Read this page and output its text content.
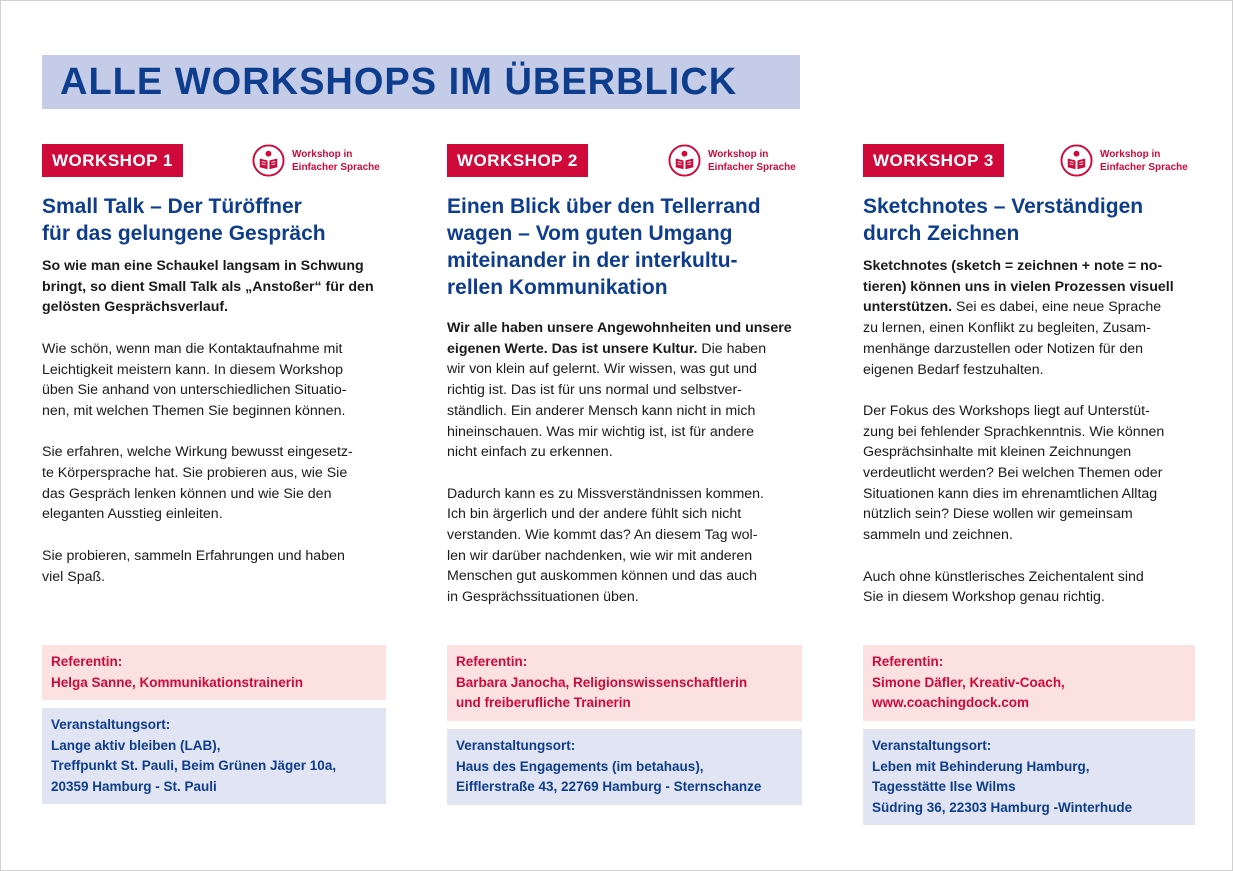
ALLE WORKSHOPS IM ÜBERBLICK
WORKSHOP 1	Workshop in
Einfacher Sprache
Small Talk – Der Türöffner
für das gelungene Gespräch

So wie man eine Schaukel langsam in Schwung
bringt, so dient Small Talk als „Anstoßer“ für den
gelösten Gesprächsverlauf.

Wie schön, wenn man die Kontaktaufnahme mit
Leichtigkeit meistern kann. In diesem Workshop
üben Sie anhand von unterschiedlichen Situatio-
nen, mit welchen Themen Sie beginnen können.

Sie erfahren, welche Wirkung bewusst eingesetz-
te Körpersprache hat. Sie probieren aus, wie Sie
das Gespräch lenken können und wie Sie den
eleganten Ausstieg einleiten.

Sie probieren, sammeln Erfahrungen und haben
viel Spaß.

Referentin:
Helga Sanne, Kommunikationstrainerin
Veranstaltungsort:
Lange aktiv bleiben (LAB),
Treffpunkt St. Pauli, Beim Grünen Jäger 10a,
20359 Hamburg - St. Pauli
WORKSHOP 2	Workshop in
Einfacher Sprache
Einen Blick über den Tellerrand
wagen – Vom guten Umgang
miteinander in der interkultu-
rellen Kommunikation

Wir alle haben unsere Angewohnheiten und unsere
eigenen Werte. Das ist unsere Kultur. Die haben
wir von klein auf gelernt. Wir wissen, was gut und
richtig ist. Das ist für uns normal und selbstver-
ständlich. Ein anderer Mensch kann nicht in mich
hineinschauen. Was mir wichtig ist, ist für andere
nicht einfach zu erkennen.

Dadurch kann es zu Missverständnissen kommen.
Ich bin ärgerlich und der andere fühlt sich nicht
verstanden. Wie kommt das? An diesem Tag wol-
len wir darüber nachdenken, wie wir mit anderen
Menschen gut auskommen können und das auch
in Gesprächssituationen üben.

Referentin:
Barbara Janocha, Religionswissenschaftlerin
und freiberufliche Trainerin
Veranstaltungsort:
Haus des Engagements (im betahaus),
Eifflerstraße 43, 22769 Hamburg - Sternschanze
WORKSHOP 3	Workshop in
Einfacher Sprache
Sketchnotes – Verständigen
durch Zeichnen

Sketchnotes (sketch = zeichnen + note = no-
tieren) können uns in vielen Prozessen visuell
unterstützen. Sei es dabei, eine neue Sprache
zu lernen, einen Konflikt zu begleiten, Zusam-
menhänge darzustellen oder Notizen für den
eigenen Bedarf festzuhalten.

Der Fokus des Workshops liegt auf Unterstüt-
zung bei fehlender Sprachkenntnis. Wie können
Gesprächsinhalte mit kleinen Zeichnungen
verdeutlicht werden? Bei welchen Themen oder
Situationen kann dies im ehrenamtlichen Alltag
nützlich sein? Diese wollen wir gemeinsam
sammeln und zeichnen.

Auch ohne künstlerisches Zeichentalent sind
Sie in diesem Workshop genau richtig.

Referentin:
Simone Däfler, Kreativ-Coach,
www.coachingdock.com
Veranstaltungsort:
Leben mit Behinderung Hamburg,
Tagesstätte Ilse Wilms
Südring 36, 22303 Hamburg -Winterhude
